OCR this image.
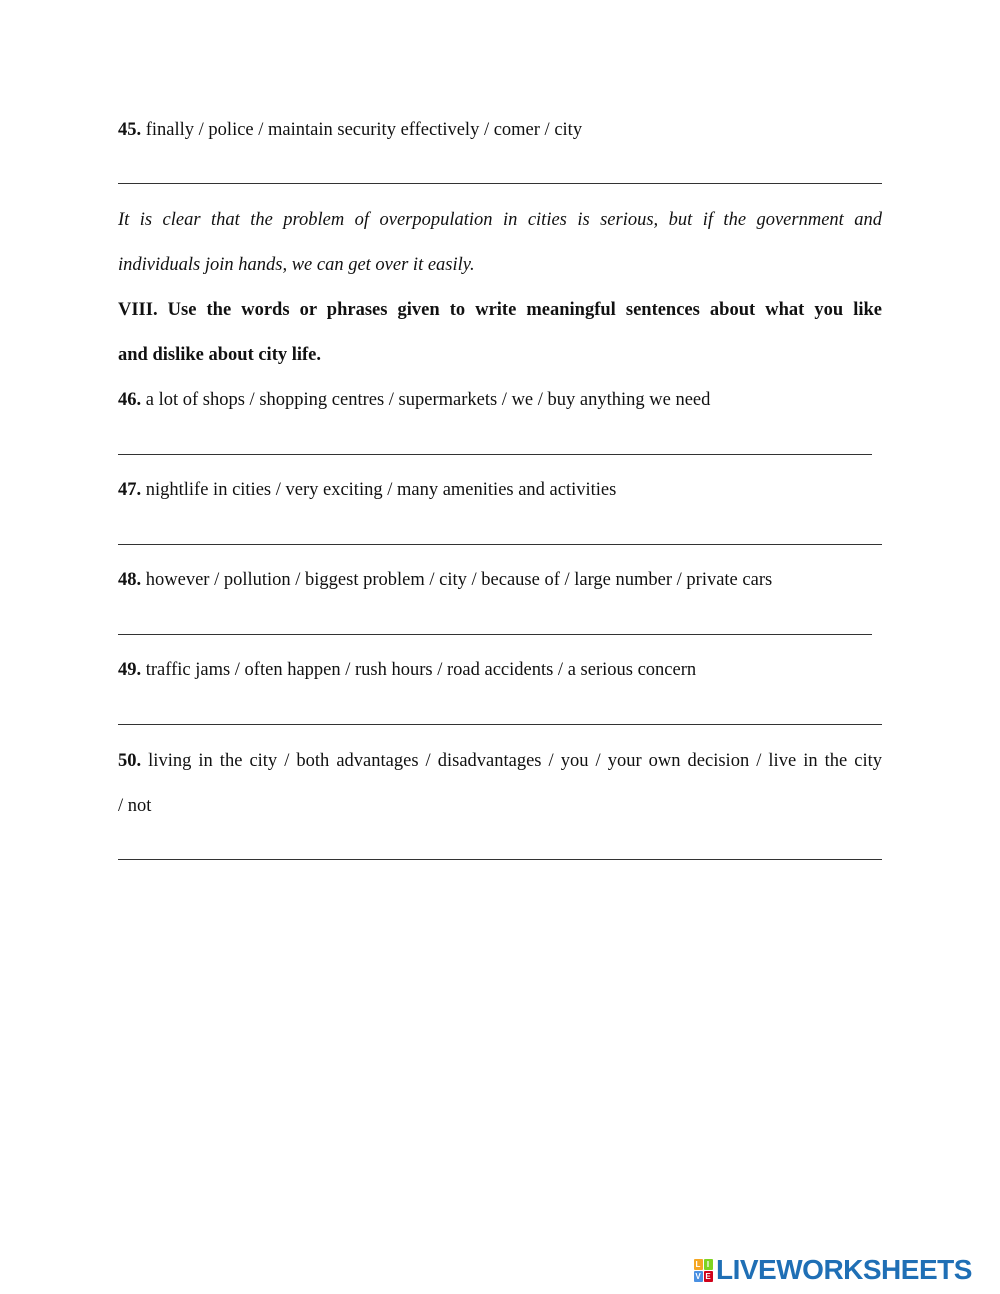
45. finally / police / maintain security effectively / comer / city
It is clear that the problem of overpopulation in cities is serious, but if the government and
individuals join hands, we can get over it easily.
VIII. Use the words or phrases given to write meaningful sentences about what you like
and dislike about city life.
46. a lot of shops / shopping centres / supermarkets / we / buy anything we need
47. nightlife in cities / very exciting / many amenities and activities
48. however / pollution / biggest problem / city / because of / large number / private cars
49. traffic jams / often happen / rush hours / road accidents / a serious concern
50. living in the city / both advantages / disadvantages / you / your own decision / live in the city
/ not
L I
V E LIVEWORKSHEETS
